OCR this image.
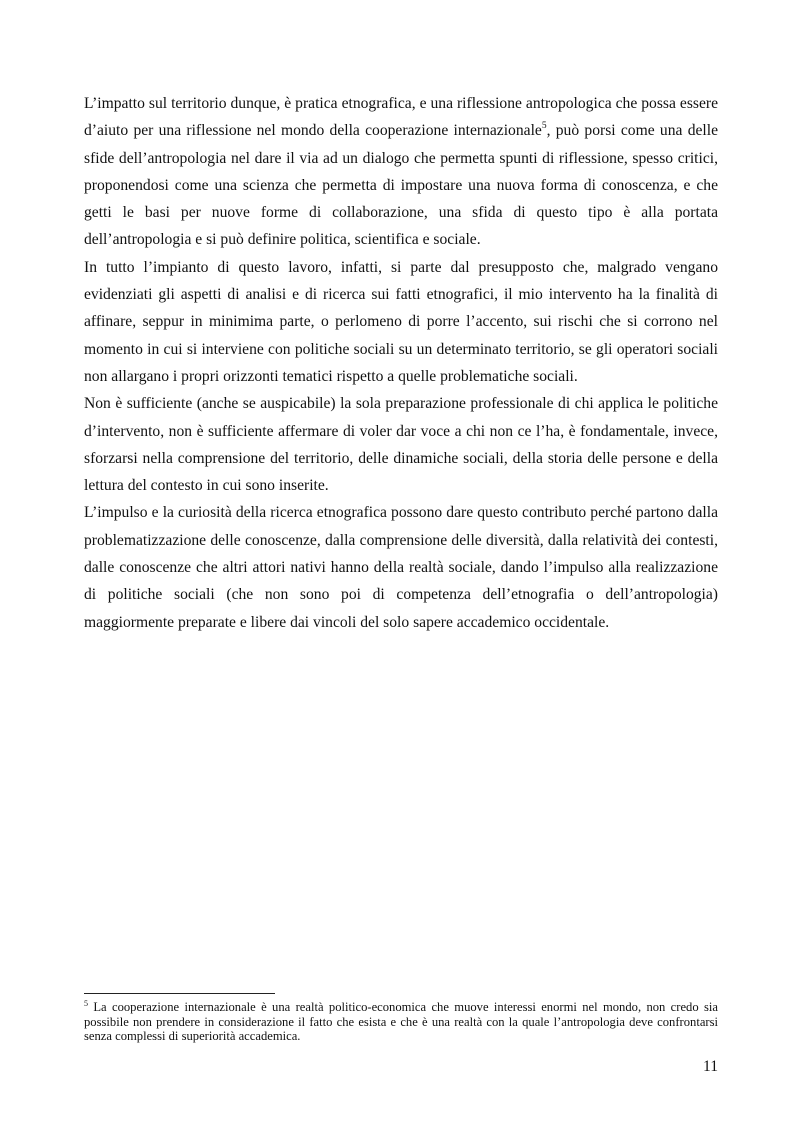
L’impatto sul territorio dunque, è pratica etnografica, e una riflessione antropologica che possa essere d’aiuto per una riflessione nel mondo della cooperazione internazionale$^5$, può porsi come una delle sfide dell’antropologia nel dare il via ad un dialogo che permetta spunti di riflessione, spesso critici, proponendosi come una scienza che permetta di impostare una nuova forma di conoscenza, e che getti le basi per nuove forme di collaborazione, una sfida di questo tipo è alla portata dell’antropologia e si può definire politica, scientifica e sociale.

In tutto l’impianto di questo lavoro, infatti, si parte dal presupposto che, malgrado vengano evidenziati gli aspetti di analisi e di ricerca sui fatti etnografici, il mio intervento ha la finalità di affinare, seppur in minimima parte, o perlomeno di porre l’accento, sui rischi che si corrono nel momento in cui si interviene con politiche sociali su un determinato territorio, se gli operatori sociali non allargano i propri orizzonti tematici rispetto a quelle problematiche sociali.

Non è sufficiente (anche se auspicabile) la sola preparazione professionale di chi applica le politiche d’intervento, non è sufficiente affermare di voler dar voce a chi non ce l’ha, è fondamentale, invece, sforzarsi nella comprensione del territorio, delle dinamiche sociali, della storia delle persone e della lettura del contesto in cui sono inserite.

L’impulso e la curiosità della ricerca etnografica possono dare questo contributo perché partono dalla problematizzazione delle conoscenze, dalla comprensione delle diversità, dalla relatività dei contesti, dalle conoscenze che altri attori nativi hanno della realtà sociale, dando l’impulso alla realizzazione di politiche sociali (che non sono poi di competenza dell’etnografia o dell’antropologia) maggiormente preparate e libere dai vincoli del solo sapere accademico occidentale.

$^5$ La cooperazione internazionale è una realtà politico-economica che muove interessi enormi nel mondo, non credo sia possibile non prendere in considerazione il fatto che esista e che è una realtà con la quale l’antropologia deve confrontarsi senza complessi di superiorità accademica.
11
